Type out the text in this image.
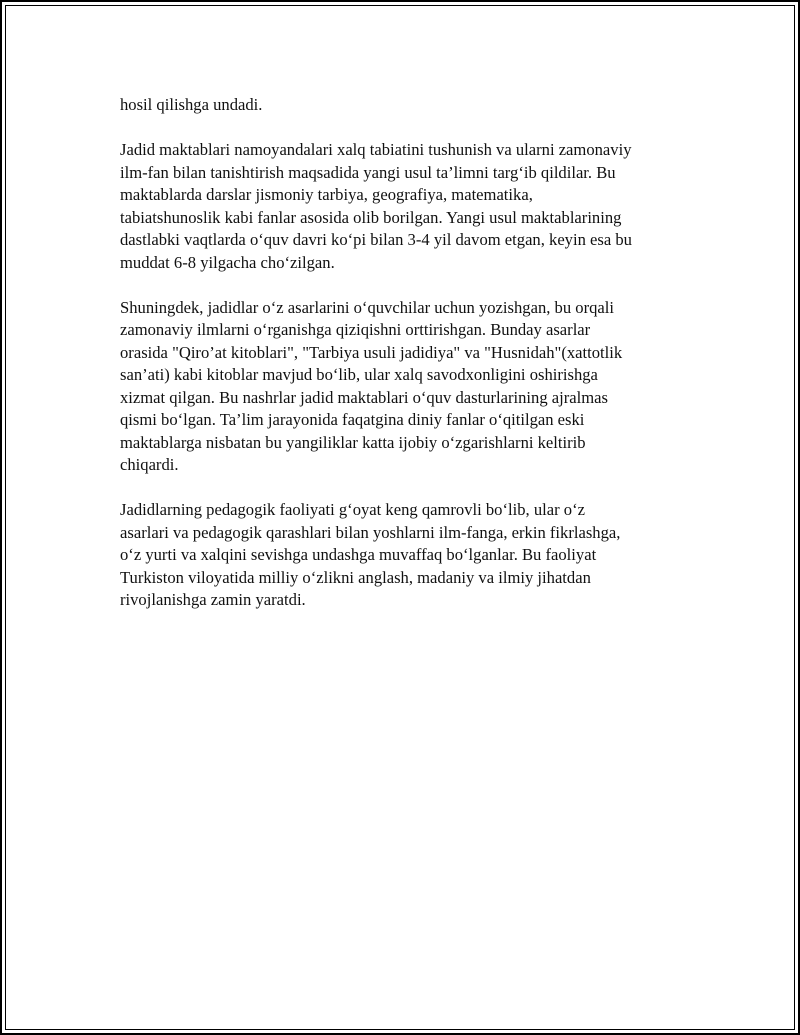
hosil qilishga undadi.

Jadid maktablari namoyandalari xalq tabiatini tushunish va ularni zamonaviy
ilm-fan bilan tanishtirish maqsadida yangi usul ta’limni targ‘ib qildilar. Bu
maktablarda darslar jismoniy tarbiya, geografiya, matematika,
tabiatshunoslik kabi fanlar asosida olib borilgan. Yangi usul maktablarining
dastlabki vaqtlarda o‘quv davri ko‘pi bilan 3-4 yil davom etgan, keyin esa bu
muddat 6-8 yilgacha cho‘zilgan.

Shuningdek, jadidlar o‘z asarlarini o‘quvchilar uchun yozishgan, bu orqali
zamonaviy ilmlarni o‘rganishga qiziqishni orttirishgan. Bunday asarlar
orasida "Qiro’at kitoblari", "Tarbiya usuli jadidiya" va "Husnidah"(xattotlik
san’ati) kabi kitoblar mavjud bo‘lib, ular xalq savodxonligini oshirishga
xizmat qilgan. Bu nashrlar jadid maktablari o‘quv dasturlarining ajralmas
qismi bo‘lgan. Ta’lim jarayonida faqatgina diniy fanlar o‘qitilgan eski
maktablarga nisbatan bu yangiliklar katta ijobiy o‘zgarishlarni keltirib
chiqardi.

Jadidlarning pedagogik faoliyati g‘oyat keng qamrovli bo‘lib, ular o‘z
asarlari va pedagogik qarashlari bilan yoshlarni ilm-fanga, erkin fikrlashga,
o‘z yurti va xalqini sevishga undashga muvaffaq bo‘lganlar. Bu faoliyat
Turkiston viloyatida milliy o‘zlikni anglash, madaniy va ilmiy jihatdan
rivojlanishga zamin yaratdi.
